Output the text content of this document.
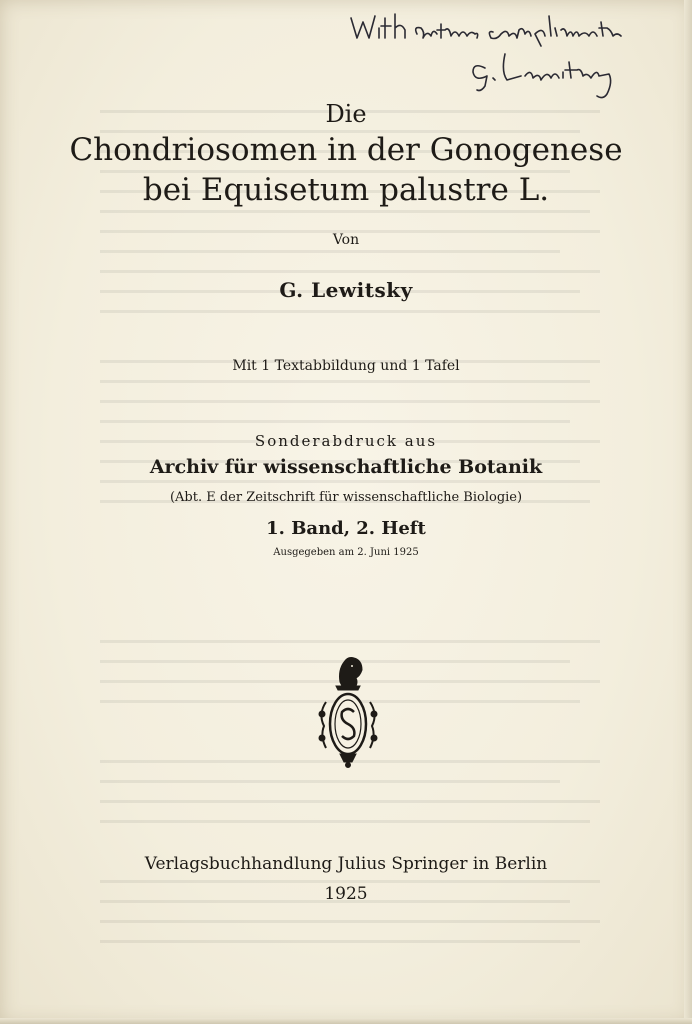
Die
Chondriosomen in der Gonogenese
bei Equisetum palustre L.
Von
G. Lewitsky
Mit 1 Textabbildung und 1 Tafel
Sonderabdruck aus
Archiv für wissenschaftliche Botanik
(Abt. E der Zeitschrift für wissenschaftliche Biologie)
1. Band, 2. Heft
Ausgegeben am 2. Juni 1925
Verlagsbuchhandlung Julius Springer in Berlin
1925
